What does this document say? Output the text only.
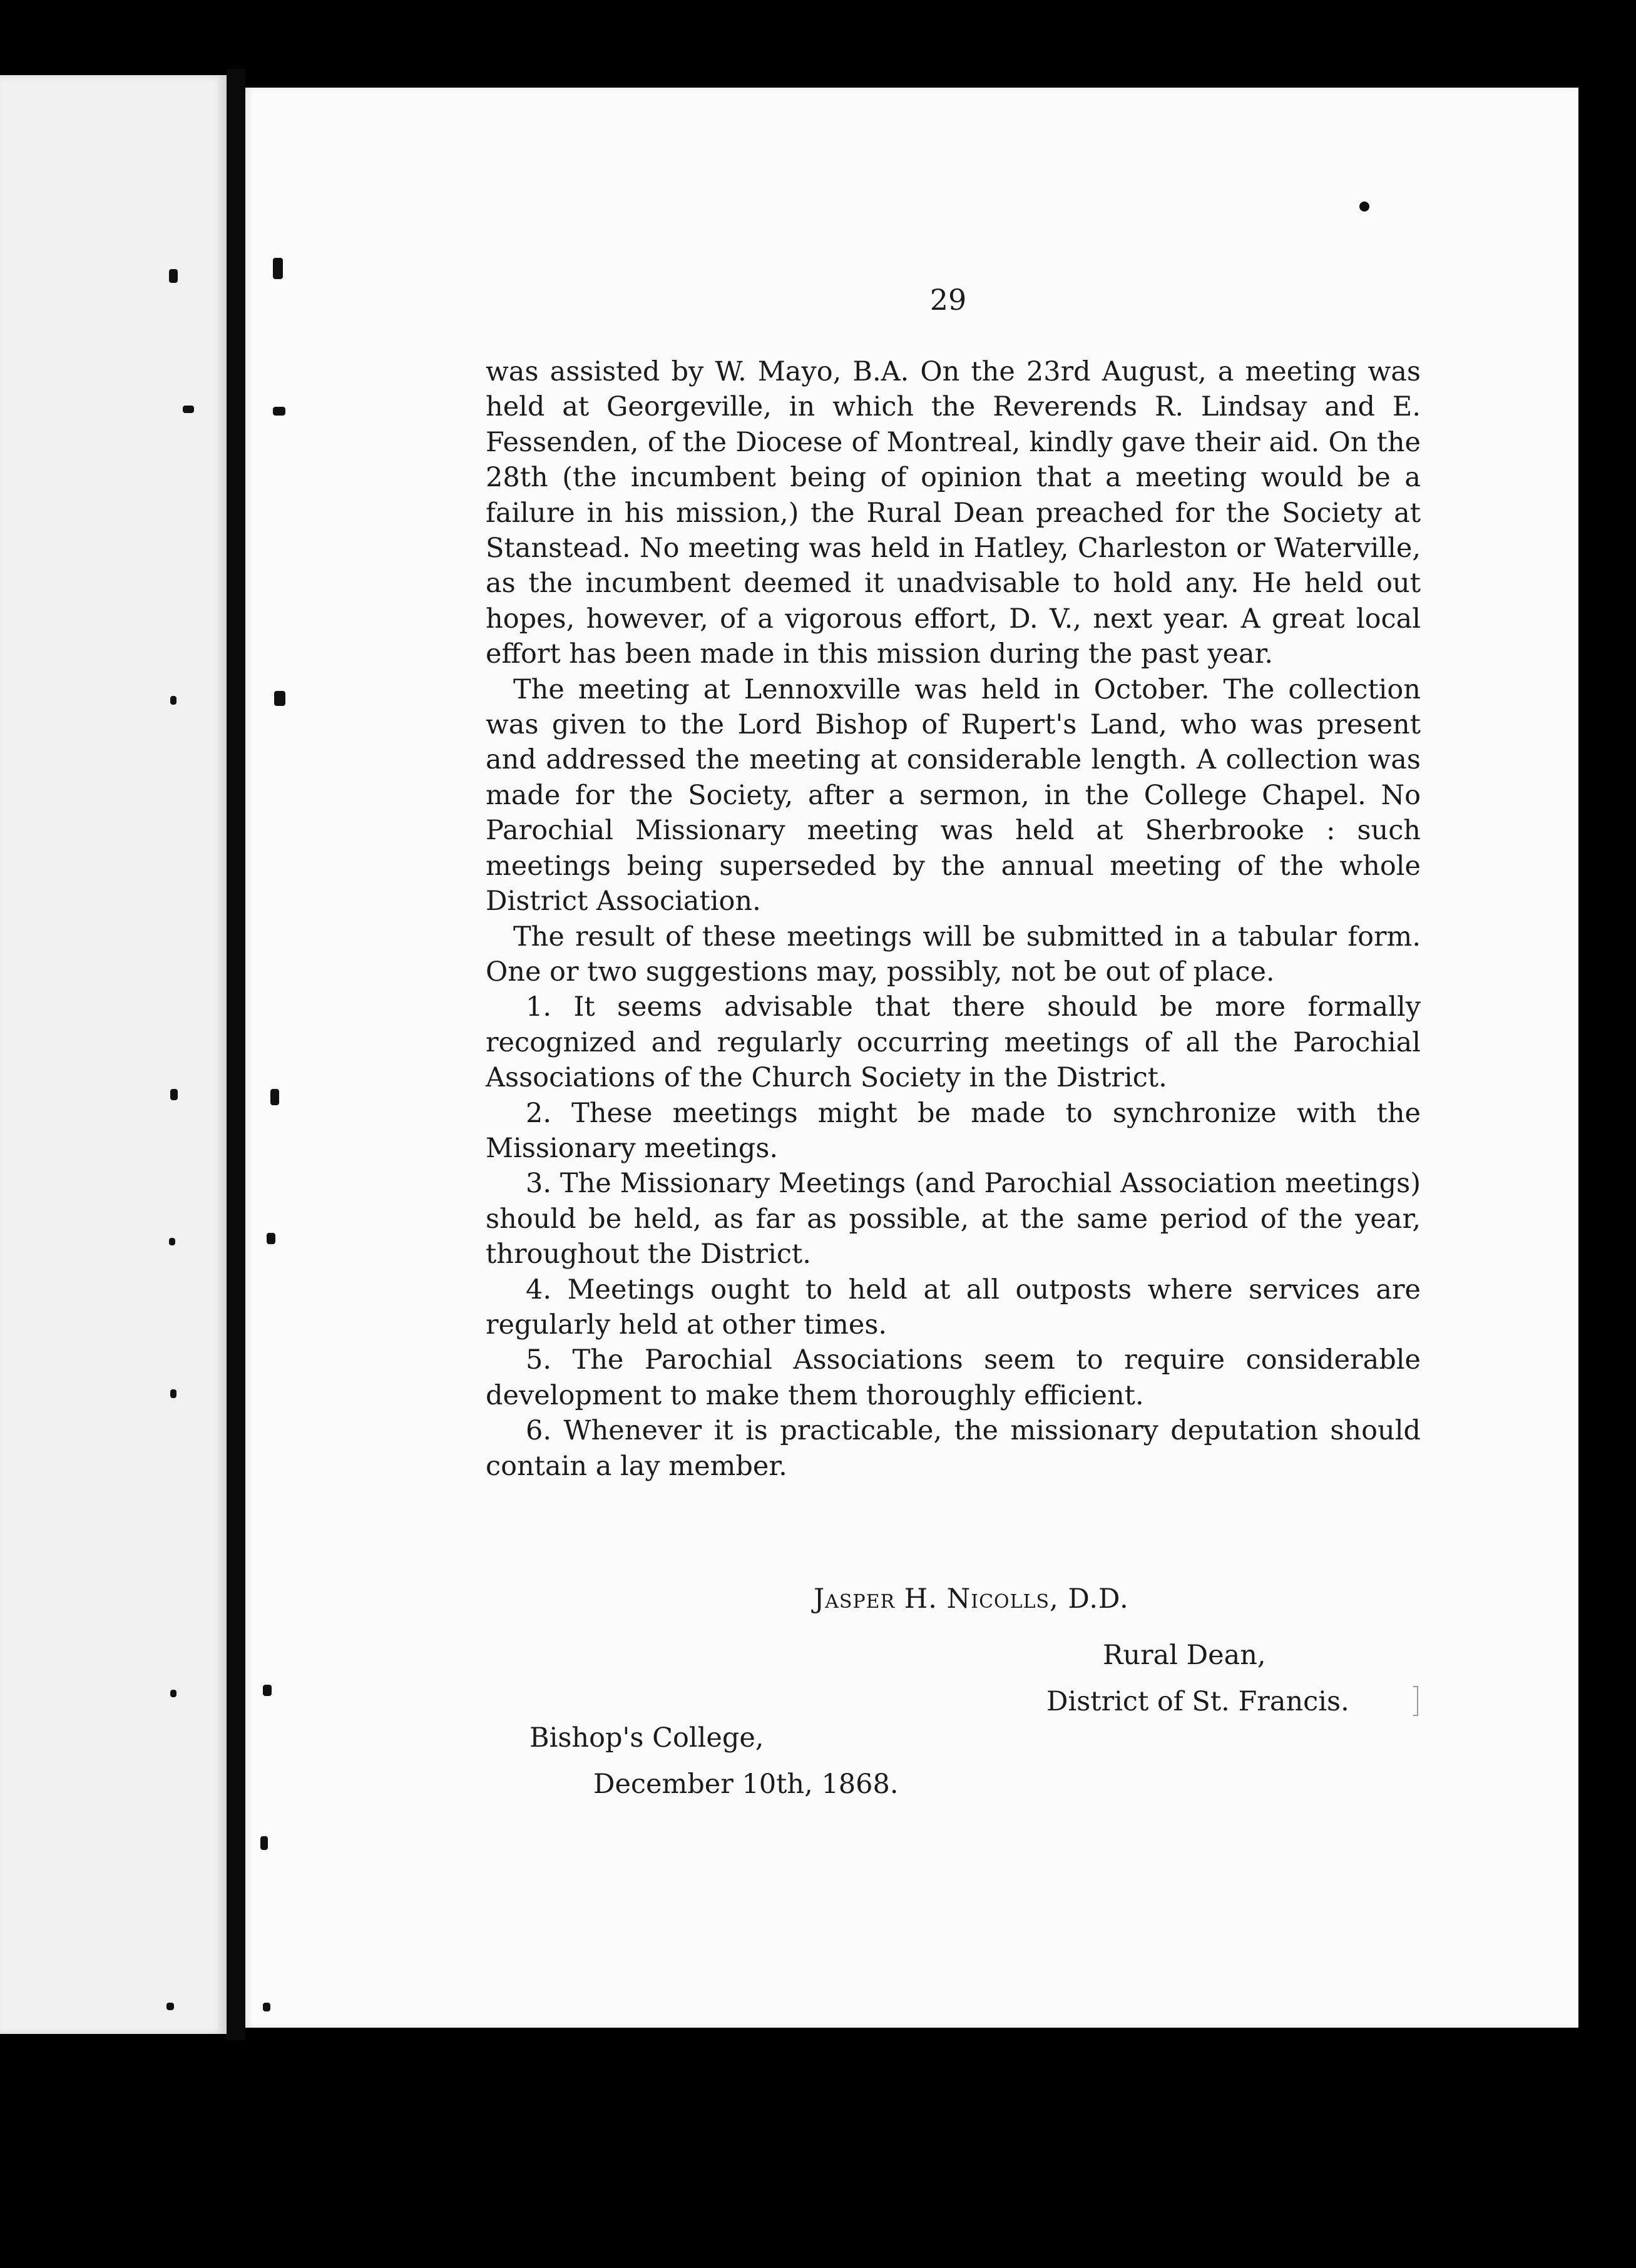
29

was assisted by W. Mayo, B.A. On the 23rd August, a meeting was held at Georgeville, in which the Reverends R. Lindsay and E. Fessenden, of the Diocese of Montreal, kindly gave their aid. On the 28th (the incumbent being of opinion that a meeting would be a failure in his mission,) the Rural Dean preached for the Society at Stanstead. No meeting was held in Hatley, Charleston or Waterville, as the incumbent deemed it unadvisable to hold any. He held out hopes, however, of a vigorous effort, D. V., next year. A great local effort has been made in this mission during the past year.

The meeting at Lennoxville was held in October. The collection was given to the Lord Bishop of Rupert's Land, who was present and addressed the meeting at considerable length. A collection was made for the Society, after a sermon, in the College Chapel. No Parochial Missionary meeting was held at Sherbrooke : such meetings being superseded by the annual meeting of the whole District Association.

The result of these meetings will be submitted in a tabular form. One or two suggestions may, possibly, not be out of place.

1. It seems advisable that there should be more formally recognized and regularly occurring meetings of all the Parochial Associations of the Church Society in the District.

2. These meetings might be made to synchronize with the Missionary meetings.

3. The Missionary Meetings (and Parochial Association meetings) should be held, as far as possible, at the same period of the year, throughout the District.

4. Meetings ought to held at all outposts where services are regularly held at other times.

5. The Parochial Associations seem to require considerable development to make them thoroughly efficient.

6. Whenever it is practicable, the missionary deputation should contain a lay member.

Jasper H. Nicolls, D.D.
Rural Dean,
District of St. Francis.
Bishop's College,
December 10th, 1868.
